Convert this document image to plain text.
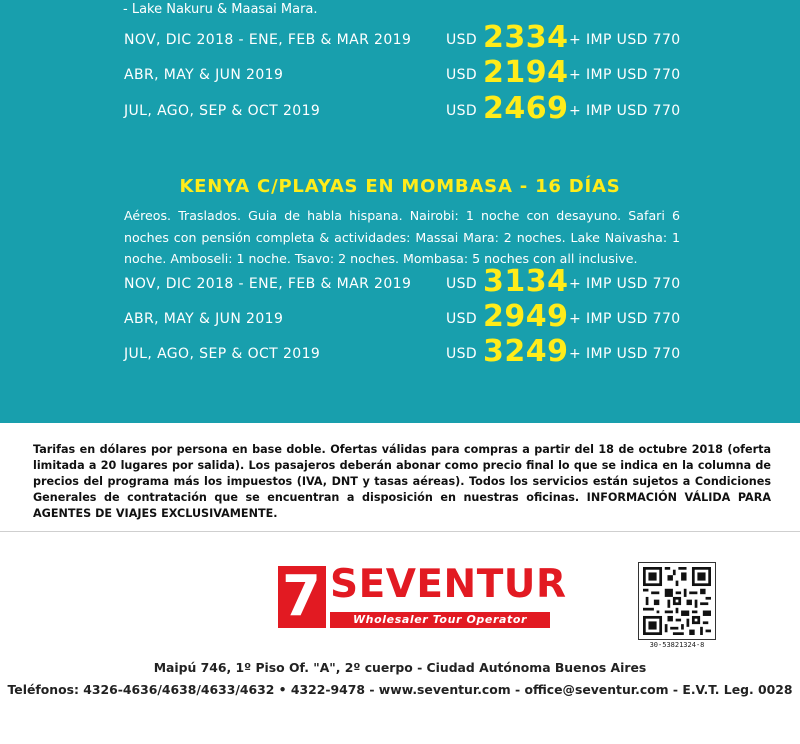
- Lake Nakuru & Maasai Mara.
NOV, DIC 2018 - ENE, FEB & MAR 2019 USD 2334 + IMP USD 770
ABR, MAY & JUN 2019	USD 2194 + IMP USD 770
JUL, AGO, SEP & OCT 2019	USD 2469 + IMP USD 770
KENYA C/PLAYAS EN MOMBASA - 16 DÍAS
Aéreos. Traslados. Guia de habla hispana. Nairobi: 1 noche con desayuno. Safari 6 noches con pensión completa & actividades: Massai Mara: 2 noches. Lake Naivasha: 1 noche. Amboseli: 1 noche. Tsavo: 2 noches. Mombasa: 5 noches con all inclusive.
NOV, DIC 2018 - ENE, FEB & MAR 2019 USD 3134 + IMP USD 770
ABR, MAY & JUN 2019	USD 2949 + IMP USD 770
JUL, AGO, SEP & OCT 2019	USD 3249 + IMP USD 770
Tarifas en dólares por persona en base doble. Ofertas válidas para compras a partir del 18 de octubre 2018 (oferta limitada a 20 lugares por salida). Los pasajeros deberán abonar como precio final lo que se indica en la columna de precios del programa más los impuestos (IVA, DNT y tasas aéreas). Todos los servicios están sujetos a Condiciones Generales de contratación que se encuentran a disposición en nuestras oficinas. INFORMACIÓN VÁLIDA PARA AGENTES DE VIAJES EXCLUSIVAMENTE.
7 SEVENTUR
Wholesaler Tour Operator
30-53821324-8
Maipú 746, 1º Piso Of. "A", 2º cuerpo - Ciudad Autónoma Buenos Aires
Teléfonos: 4326-4636/4638/4633/4632 • 4322-9478 - www.seventur.com - office@seventur.com - E.V.T. Leg. 0028
